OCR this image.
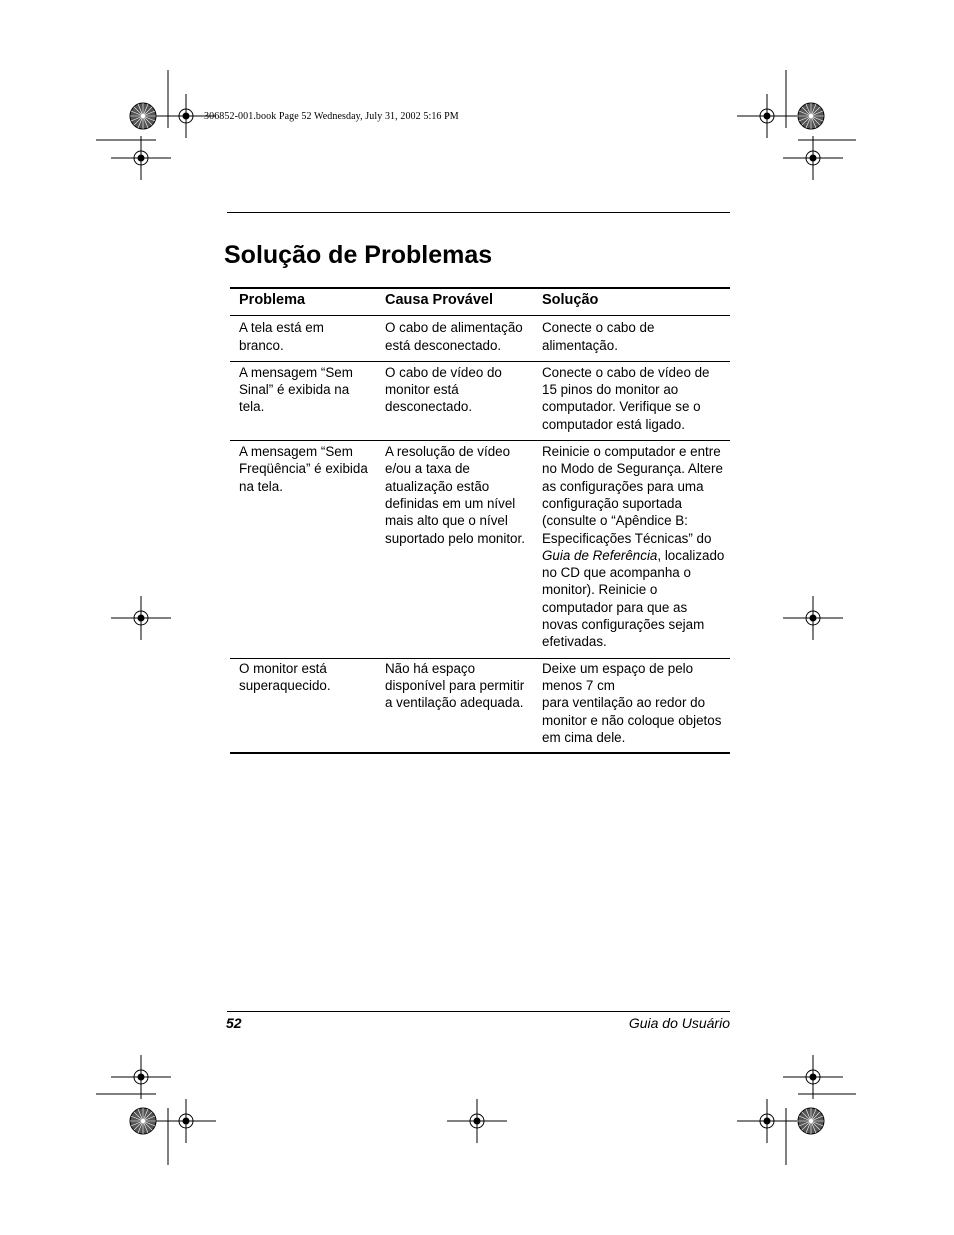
306852-001.book Page 52 Wednesday, July 31, 2002 5:16 PM
Solução de Problemas
Problema	Causa Provável	Solução
A tela está em branco.	O cabo de alimentação está desconectado.	Conecte o cabo de alimentação.
A mensagem “Sem Sinal” é exibida na tela.	O cabo de vídeo do monitor está desconectado.	Conecte o cabo de vídeo de 15 pinos do monitor ao computador. Verifique se o computador está ligado.
A mensagem “Sem Freqüência” é exibida na tela.	A resolução de vídeo e/ou a taxa de atualização estão definidas em um nível mais alto que o nível suportado pelo monitor.	Reinicie o computador e entre no Modo de Segurança. Altere as configurações para uma configuração suportada (consulte o “Apêndice B: Especificações Técnicas” do Guia de Referência, localizado no CD que acompanha o monitor). Reinicie o computador para que as novas configurações sejam efetivadas.
O monitor está superaquecido.	Não há espaço disponível para permitir a ventilação adequada.	Deixe um espaço de pelo menos 7 cm
para ventilação ao redor do monitor e não coloque objetos em cima dele.
52	Guia do Usuário
